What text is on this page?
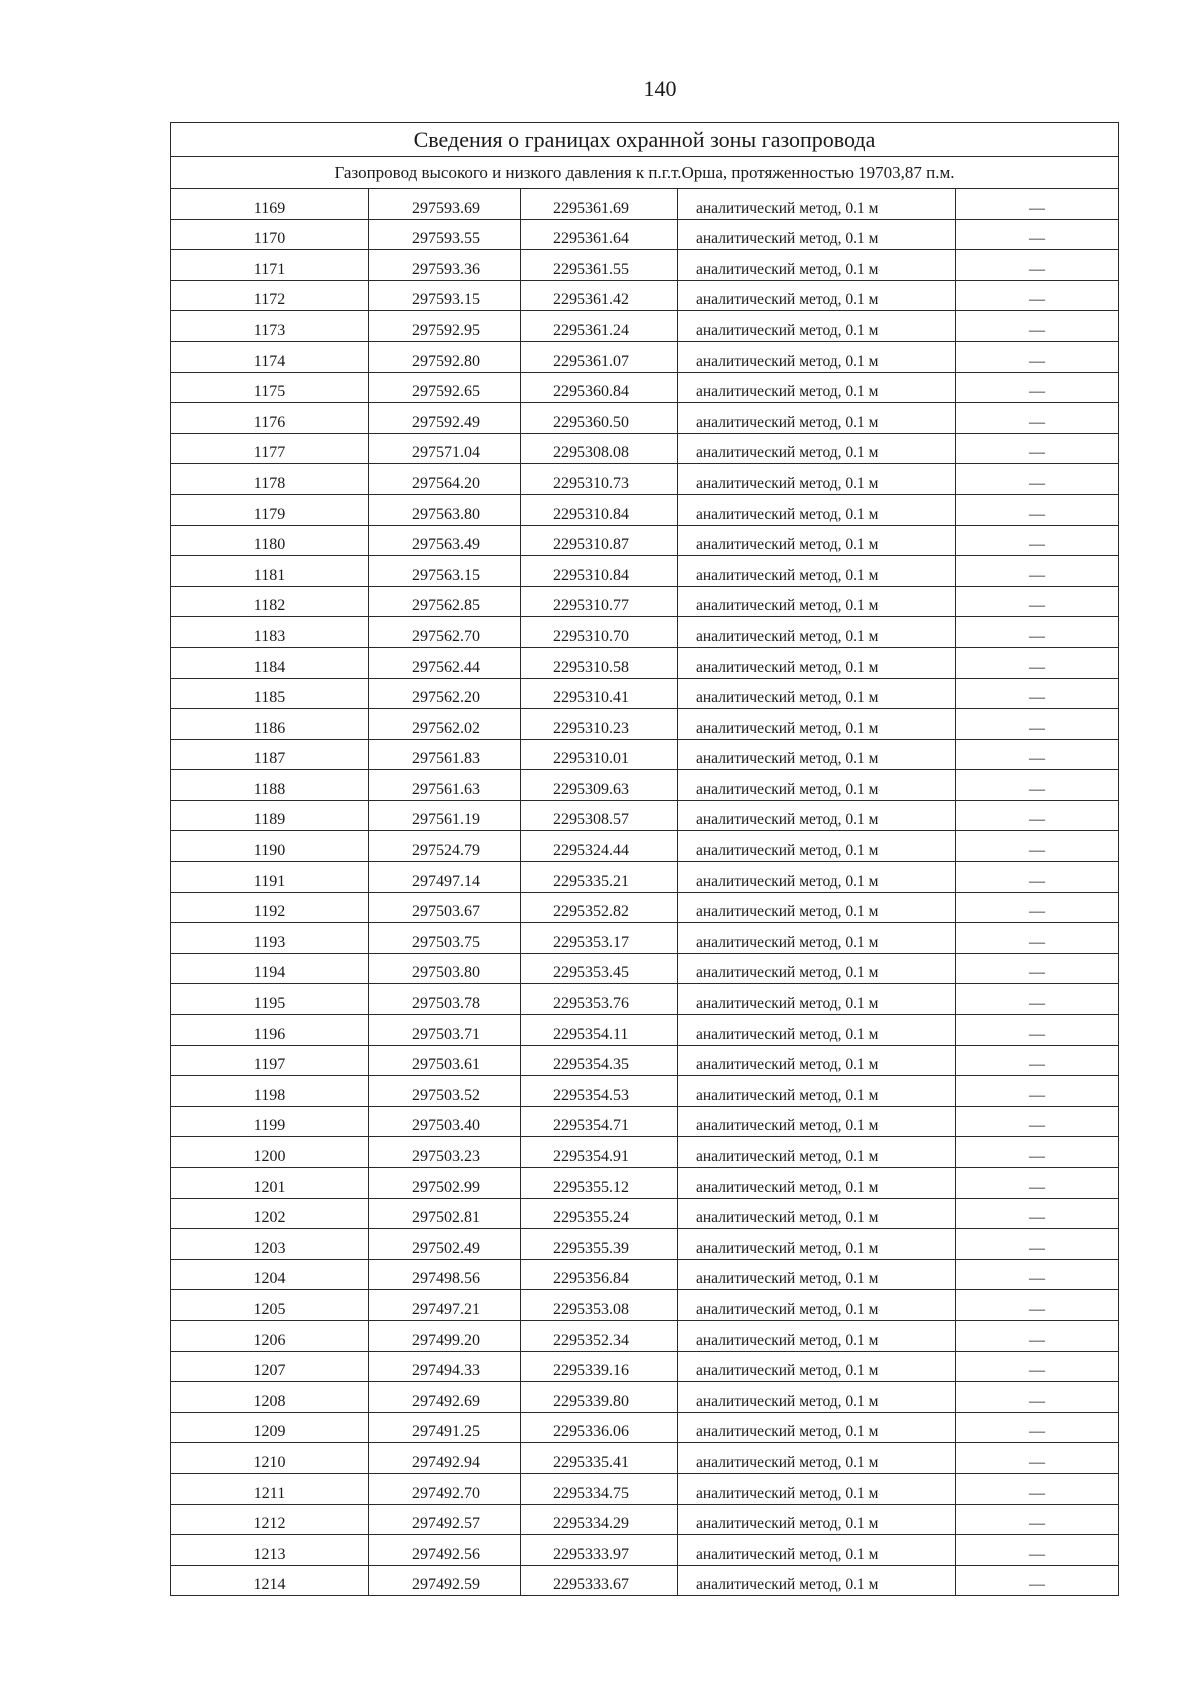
140
Сведения о границах охранной зоны газопровода				
Газопровод высокого и низкого давления к п.г.т.Орша, протяженностью 19703,87 п.м.				
1169	297593.69	2295361.69	аналитический метод, 0.1 м	—
1170	297593.55	2295361.64	аналитический метод, 0.1 м	—
1171	297593.36	2295361.55	аналитический метод, 0.1 м	—
1172	297593.15	2295361.42	аналитический метод, 0.1 м	—
1173	297592.95	2295361.24	аналитический метод, 0.1 м	—
1174	297592.80	2295361.07	аналитический метод, 0.1 м	—
1175	297592.65	2295360.84	аналитический метод, 0.1 м	—
1176	297592.49	2295360.50	аналитический метод, 0.1 м	—
1177	297571.04	2295308.08	аналитический метод, 0.1 м	—
1178	297564.20	2295310.73	аналитический метод, 0.1 м	—
1179	297563.80	2295310.84	аналитический метод, 0.1 м	—
1180	297563.49	2295310.87	аналитический метод, 0.1 м	—
1181	297563.15	2295310.84	аналитический метод, 0.1 м	—
1182	297562.85	2295310.77	аналитический метод, 0.1 м	—
1183	297562.70	2295310.70	аналитический метод, 0.1 м	—
1184	297562.44	2295310.58	аналитический метод, 0.1 м	—
1185	297562.20	2295310.41	аналитический метод, 0.1 м	—
1186	297562.02	2295310.23	аналитический метод, 0.1 м	—
1187	297561.83	2295310.01	аналитический метод, 0.1 м	—
1188	297561.63	2295309.63	аналитический метод, 0.1 м	—
1189	297561.19	2295308.57	аналитический метод, 0.1 м	—
1190	297524.79	2295324.44	аналитический метод, 0.1 м	—
1191	297497.14	2295335.21	аналитический метод, 0.1 м	—
1192	297503.67	2295352.82	аналитический метод, 0.1 м	—
1193	297503.75	2295353.17	аналитический метод, 0.1 м	—
1194	297503.80	2295353.45	аналитический метод, 0.1 м	—
1195	297503.78	2295353.76	аналитический метод, 0.1 м	—
1196	297503.71	2295354.11	аналитический метод, 0.1 м	—
1197	297503.61	2295354.35	аналитический метод, 0.1 м	—
1198	297503.52	2295354.53	аналитический метод, 0.1 м	—
1199	297503.40	2295354.71	аналитический метод, 0.1 м	—
1200	297503.23	2295354.91	аналитический метод, 0.1 м	—
1201	297502.99	2295355.12	аналитический метод, 0.1 м	—
1202	297502.81	2295355.24	аналитический метод, 0.1 м	—
1203	297502.49	2295355.39	аналитический метод, 0.1 м	—
1204	297498.56	2295356.84	аналитический метод, 0.1 м	—
1205	297497.21	2295353.08	аналитический метод, 0.1 м	—
1206	297499.20	2295352.34	аналитический метод, 0.1 м	—
1207	297494.33	2295339.16	аналитический метод, 0.1 м	—
1208	297492.69	2295339.80	аналитический метод, 0.1 м	—
1209	297491.25	2295336.06	аналитический метод, 0.1 м	—
1210	297492.94	2295335.41	аналитический метод, 0.1 м	—
1211	297492.70	2295334.75	аналитический метод, 0.1 м	—
1212	297492.57	2295334.29	аналитический метод, 0.1 м	—
1213	297492.56	2295333.97	аналитический метод, 0.1 м	—
1214	297492.59	2295333.67	аналитический метод, 0.1 м	—
